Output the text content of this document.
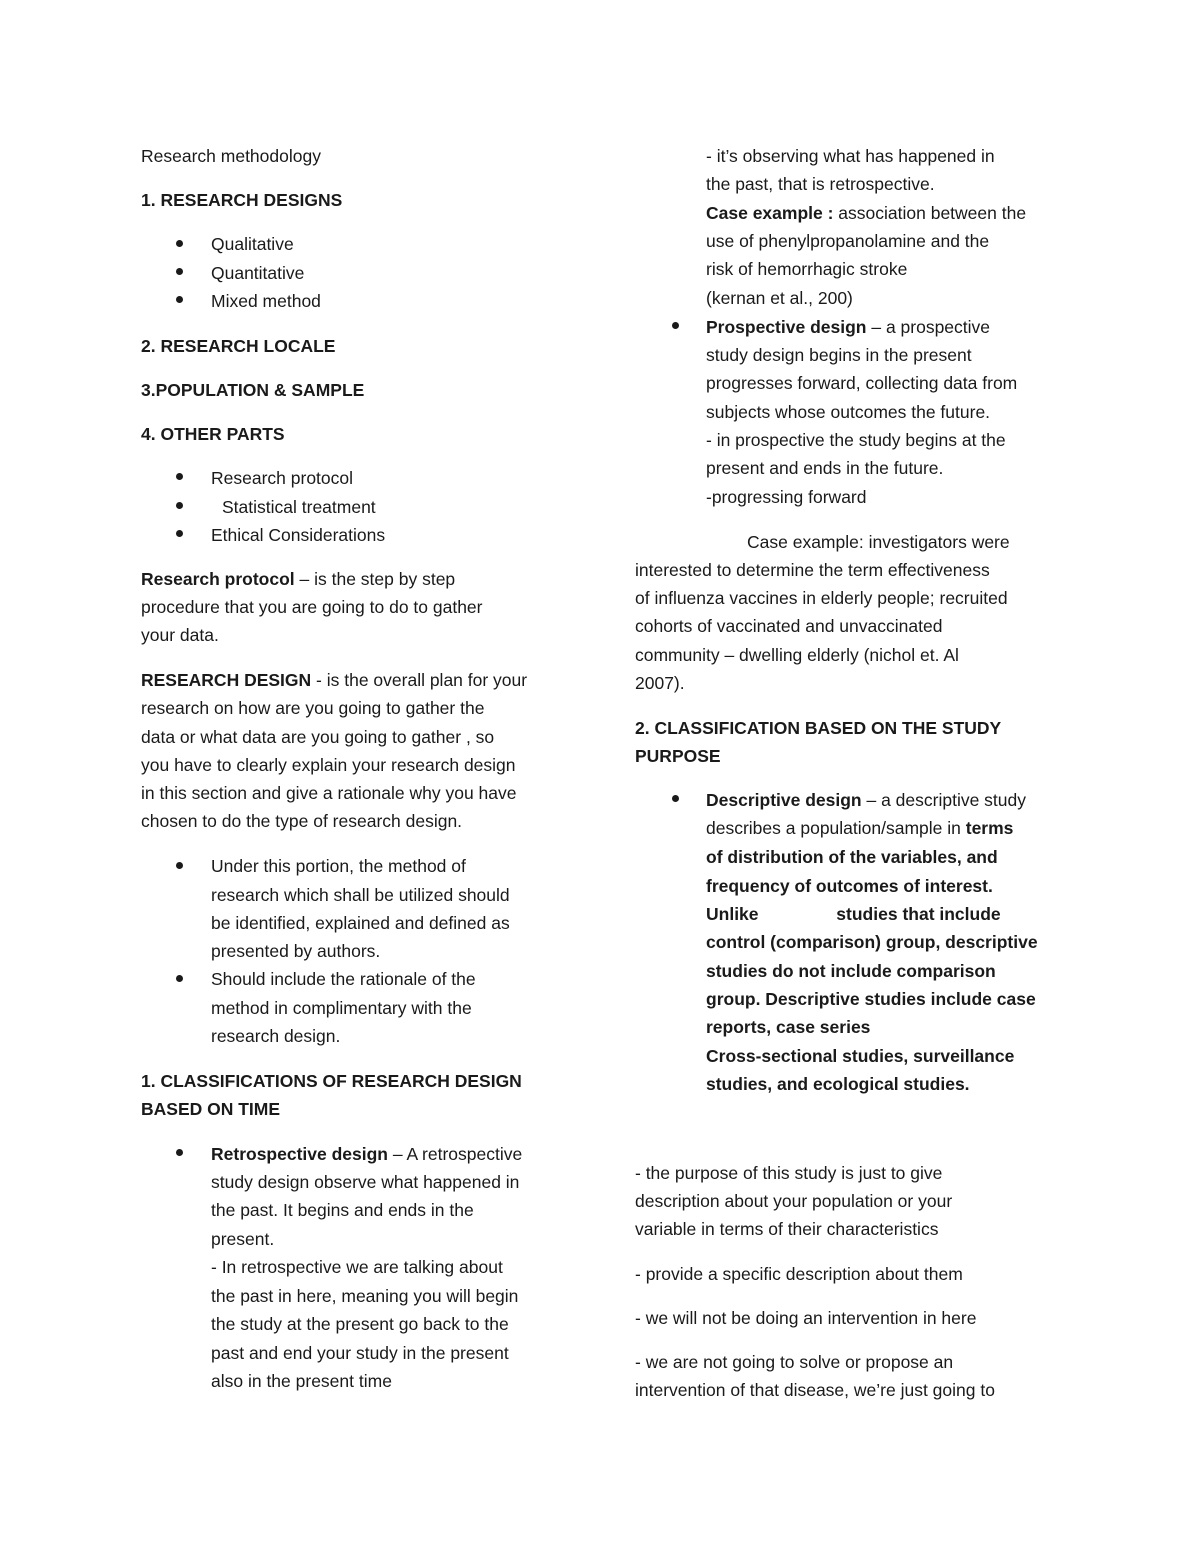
Research methodology
1. RESEARCH DESIGNS
Qualitative
Quantitative
Mixed method
2. RESEARCH LOCALE
3.POPULATION & SAMPLE
4. OTHER PARTS
Research protocol
Statistical treatment
Ethical Considerations
Research protocol – is the step by step
procedure that you are going to do to gather
your data.
RESEARCH DESIGN - is the overall plan for your
research on how are you going to gather the
data or what data are you going to gather , so
you have to clearly explain your research design
in this section and give a rationale why you have
chosen to do the type of research design.
Under this portion, the method of
research which shall be utilized should
be identified, explained and defined as
presented by authors.
Should include the rationale of the
method in complimentary with the
research design.
1. CLASSIFICATIONS OF RESEARCH DESIGN
BASED ON TIME
Retrospective design – A retrospective
study design observe what happened in
the past. It begins and ends in the
present.
- In retrospective we are talking about
the past in here, meaning you will begin
the study at the present go back to the
past and end your study in the present
also in the present time
- it’s observing what has happened in
the past, that is retrospective.
Case example : association between the
use of phenylpropanolamine and the
risk of hemorrhagic stroke
(kernan et al., 200)
Prospective design – a prospective
study design begins in the present
progresses forward, collecting data from
subjects whose outcomes the future.
- in prospective the study begins at the
present and ends in the future.
-progressing forward
Case example: investigators were
interested to determine the term effectiveness
of influenza vaccines in elderly people; recruited
cohorts of vaccinated and unvaccinated
community – dwelling elderly (nichol et. Al
2007).
2. CLASSIFICATION BASED ON THE STUDY
PURPOSE
Descriptive design – a descriptive study
describes a population/sample in terms
of distribution of the variables, and
frequency of outcomes of interest.
Unlike                studies that include
control (comparison) group, descriptive
studies do not include comparison
group. Descriptive studies include case
reports, case series
Cross-sectional studies, surveillance
studies, and ecological studies.
- the purpose of this study is just to give
description about your population or your
variable in terms of their characteristics
- provide a specific description about them
- we will not be doing an intervention in here
- we are not going to solve or propose an
intervention of that disease, we’re just going to
